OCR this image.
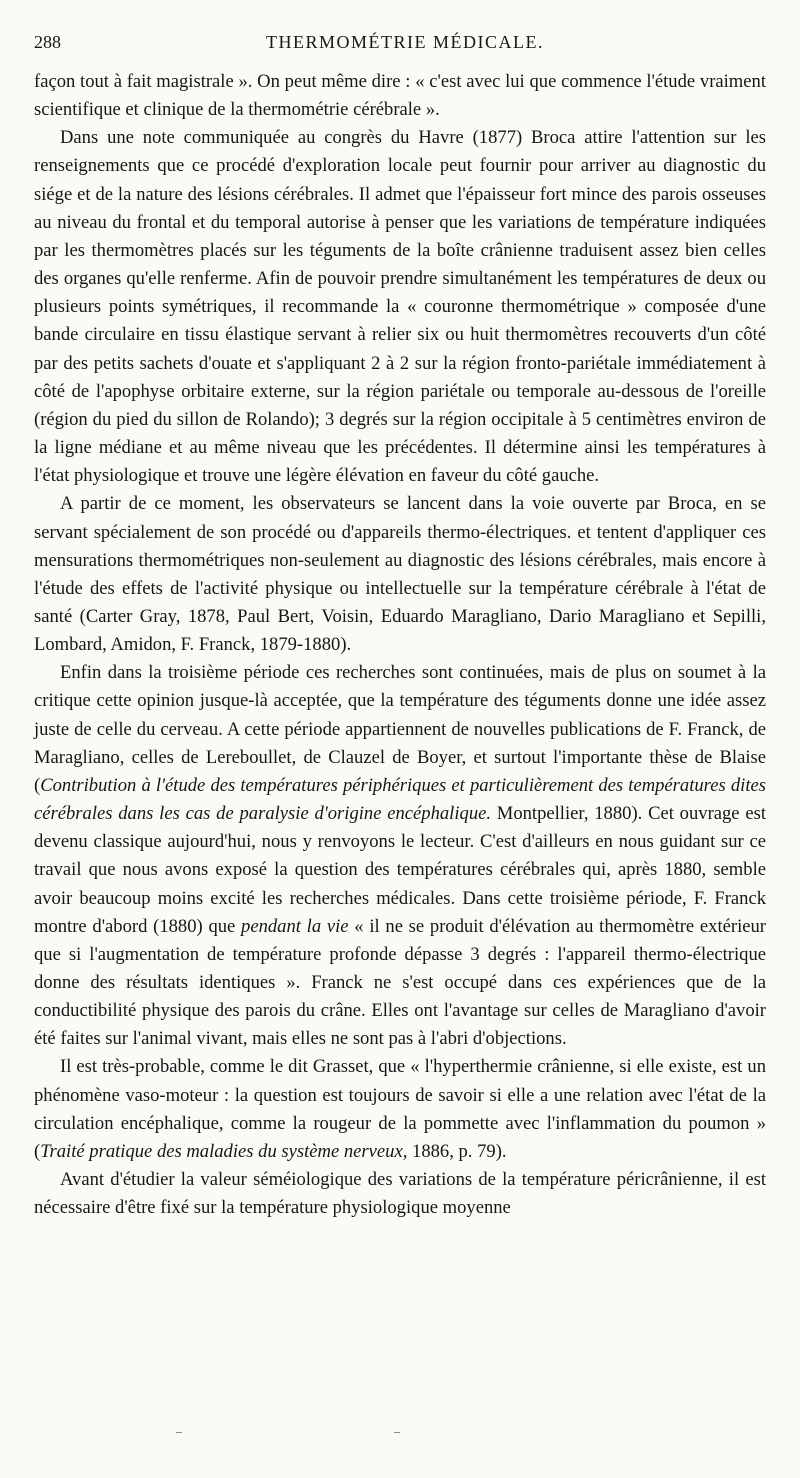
288	THERMOMÉTRIE MÉDICALE.

façon tout à fait magistrale ». On peut même dire : « c'est avec lui que commence l'étude vraiment scientifique et clinique de la thermométrie cérébrale ».

Dans une note communiquée au congrès du Havre (1877) Broca attire l'attention sur les renseignements que ce procédé d'exploration locale peut fournir pour arriver au diagnostic du siége et de la nature des lésions cérébrales. Il admet que l'épaisseur fort mince des parois osseuses au niveau du frontal et du temporal autorise à penser que les variations de température indiquées par les thermomètres placés sur les téguments de la boîte crânienne traduisent assez bien celles des organes qu'elle renferme. Afin de pouvoir prendre simultanément les températures de deux ou plusieurs points symétriques, il recommande la « couronne thermométrique » composée d'une bande circulaire en tissu élastique servant à relier six ou huit thermomètres recouverts d'un côté par des petits sachets d'ouate et s'appliquant 2 à 2 sur la région fronto-pariétale immédiatement à côté de l'apophyse orbitaire externe, sur la région pariétale ou temporale au-dessous de l'oreille (région du pied du sillon de Rolando); 3 degrés sur la région occipitale à 5 centimètres environ de la ligne médiane et au même niveau que les précédentes. Il détermine ainsi les températures à l'état physiologique et trouve une légère élévation en faveur du côté gauche.

A partir de ce moment, les observateurs se lancent dans la voie ouverte par Broca, en se servant spécialement de son procédé ou d'appareils thermo-électriques. et tentent d'appliquer ces mensurations thermométriques non-seulement au diagnostic des lésions cérébrales, mais encore à l'étude des effets de l'activité physique ou intellectuelle sur la température cérébrale à l'état de santé (Carter Gray, 1878, Paul Bert, Voisin, Eduardo Maragliano, Dario Maragliano et Sepilli, Lombard, Amidon, F. Franck, 1879-1880).

Enfin dans la troisième période ces recherches sont continuées, mais de plus on soumet à la critique cette opinion jusque-là acceptée, que la température des téguments donne une idée assez juste de celle du cerveau. A cette période appartiennent de nouvelles publications de F. Franck, de Maragliano, celles de Lereboullet, de Clauzel de Boyer, et surtout l'importante thèse de Blaise (Contribution à l'étude des températures périphériques et particulièrement des températures dites cérébrales dans les cas de paralysie d'origine encéphalique. Montpellier, 1880). Cet ouvrage est devenu classique aujourd'hui, nous y renvoyons le lecteur. C'est d'ailleurs en nous guidant sur ce travail que nous avons exposé la question des températures cérébrales qui, après 1880, semble avoir beaucoup moins excité les recherches médicales. Dans cette troisième période, F. Franck montre d'abord (1880) que pendant la vie « il ne se produit d'élévation au thermomètre extérieur que si l'augmentation de température profonde dépasse 3 degrés : l'appareil thermo-électrique donne des résultats identiques ». Franck ne s'est occupé dans ces expériences que de la conductibilité physique des parois du crâne. Elles ont l'avantage sur celles de Maragliano d'avoir été faites sur l'animal vivant, mais elles ne sont pas à l'abri d'objections.

Il est très-probable, comme le dit Grasset, que « l'hyperthermie crânienne, si elle existe, est un phénomène vaso-moteur : la question est toujours de savoir si elle a une relation avec l'état de la circulation encéphalique, comme la rougeur de la pommette avec l'inflammation du poumon » (Traité pratique des maladies du système nerveux, 1886, p. 79).

Avant d'étudier la valeur séméiologique des variations de la température péricrânienne, il est nécessaire d'être fixé sur la température physiologique moyenne
